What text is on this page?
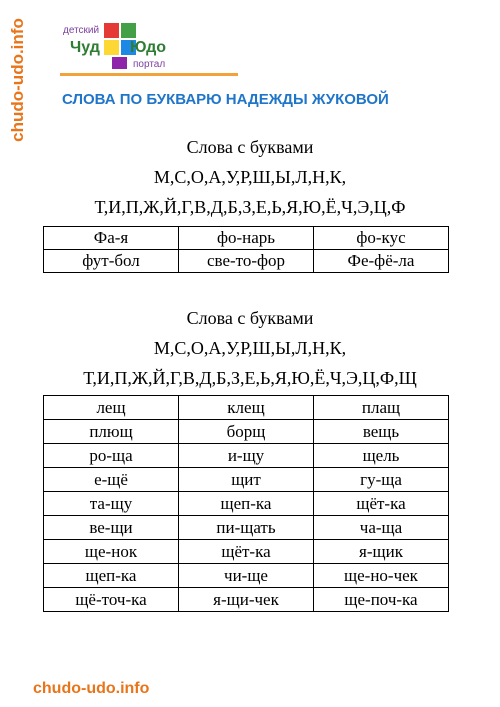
chudo-udo.info	детский
Чуд Юдо
портал
СЛОВА ПО БУКВАРЮ НАДЕЖДЫ ЖУКОВОЙ
Слова с буквами
М,С,О,А,У,Р,Ш,Ы,Л,Н,К,
Т,И,П,Ж,Й,Г,В,Д,Б,З,Е,Ь,Я,Ю,Ё,Ч,Э,Ц,Ф
Фа-я	фо-нарь	фо-кус
фут-бол	све-то-фор	Фе-фё-ла
Слова с буквами
М,С,О,А,У,Р,Ш,Ы,Л,Н,К,
Т,И,П,Ж,Й,Г,В,Д,Б,З,Е,Ь,Я,Ю,Ё,Ч,Э,Ц,Ф,Щ
лещ	клещ	плащ
плющ	борщ	вещь
ро-ща	и-щу	щель
е-щё	щит	гу-ща
та-щу	щеп-ка	щёт-ка
ве-щи	пи-щать	ча-ща
ще-нок	щёт-ка	я-щик
щеп-ка	чи-ще	ще-но-чек
щё-точ-ка	я-щи-чек	ще-поч-ка
chudo-udo.info
